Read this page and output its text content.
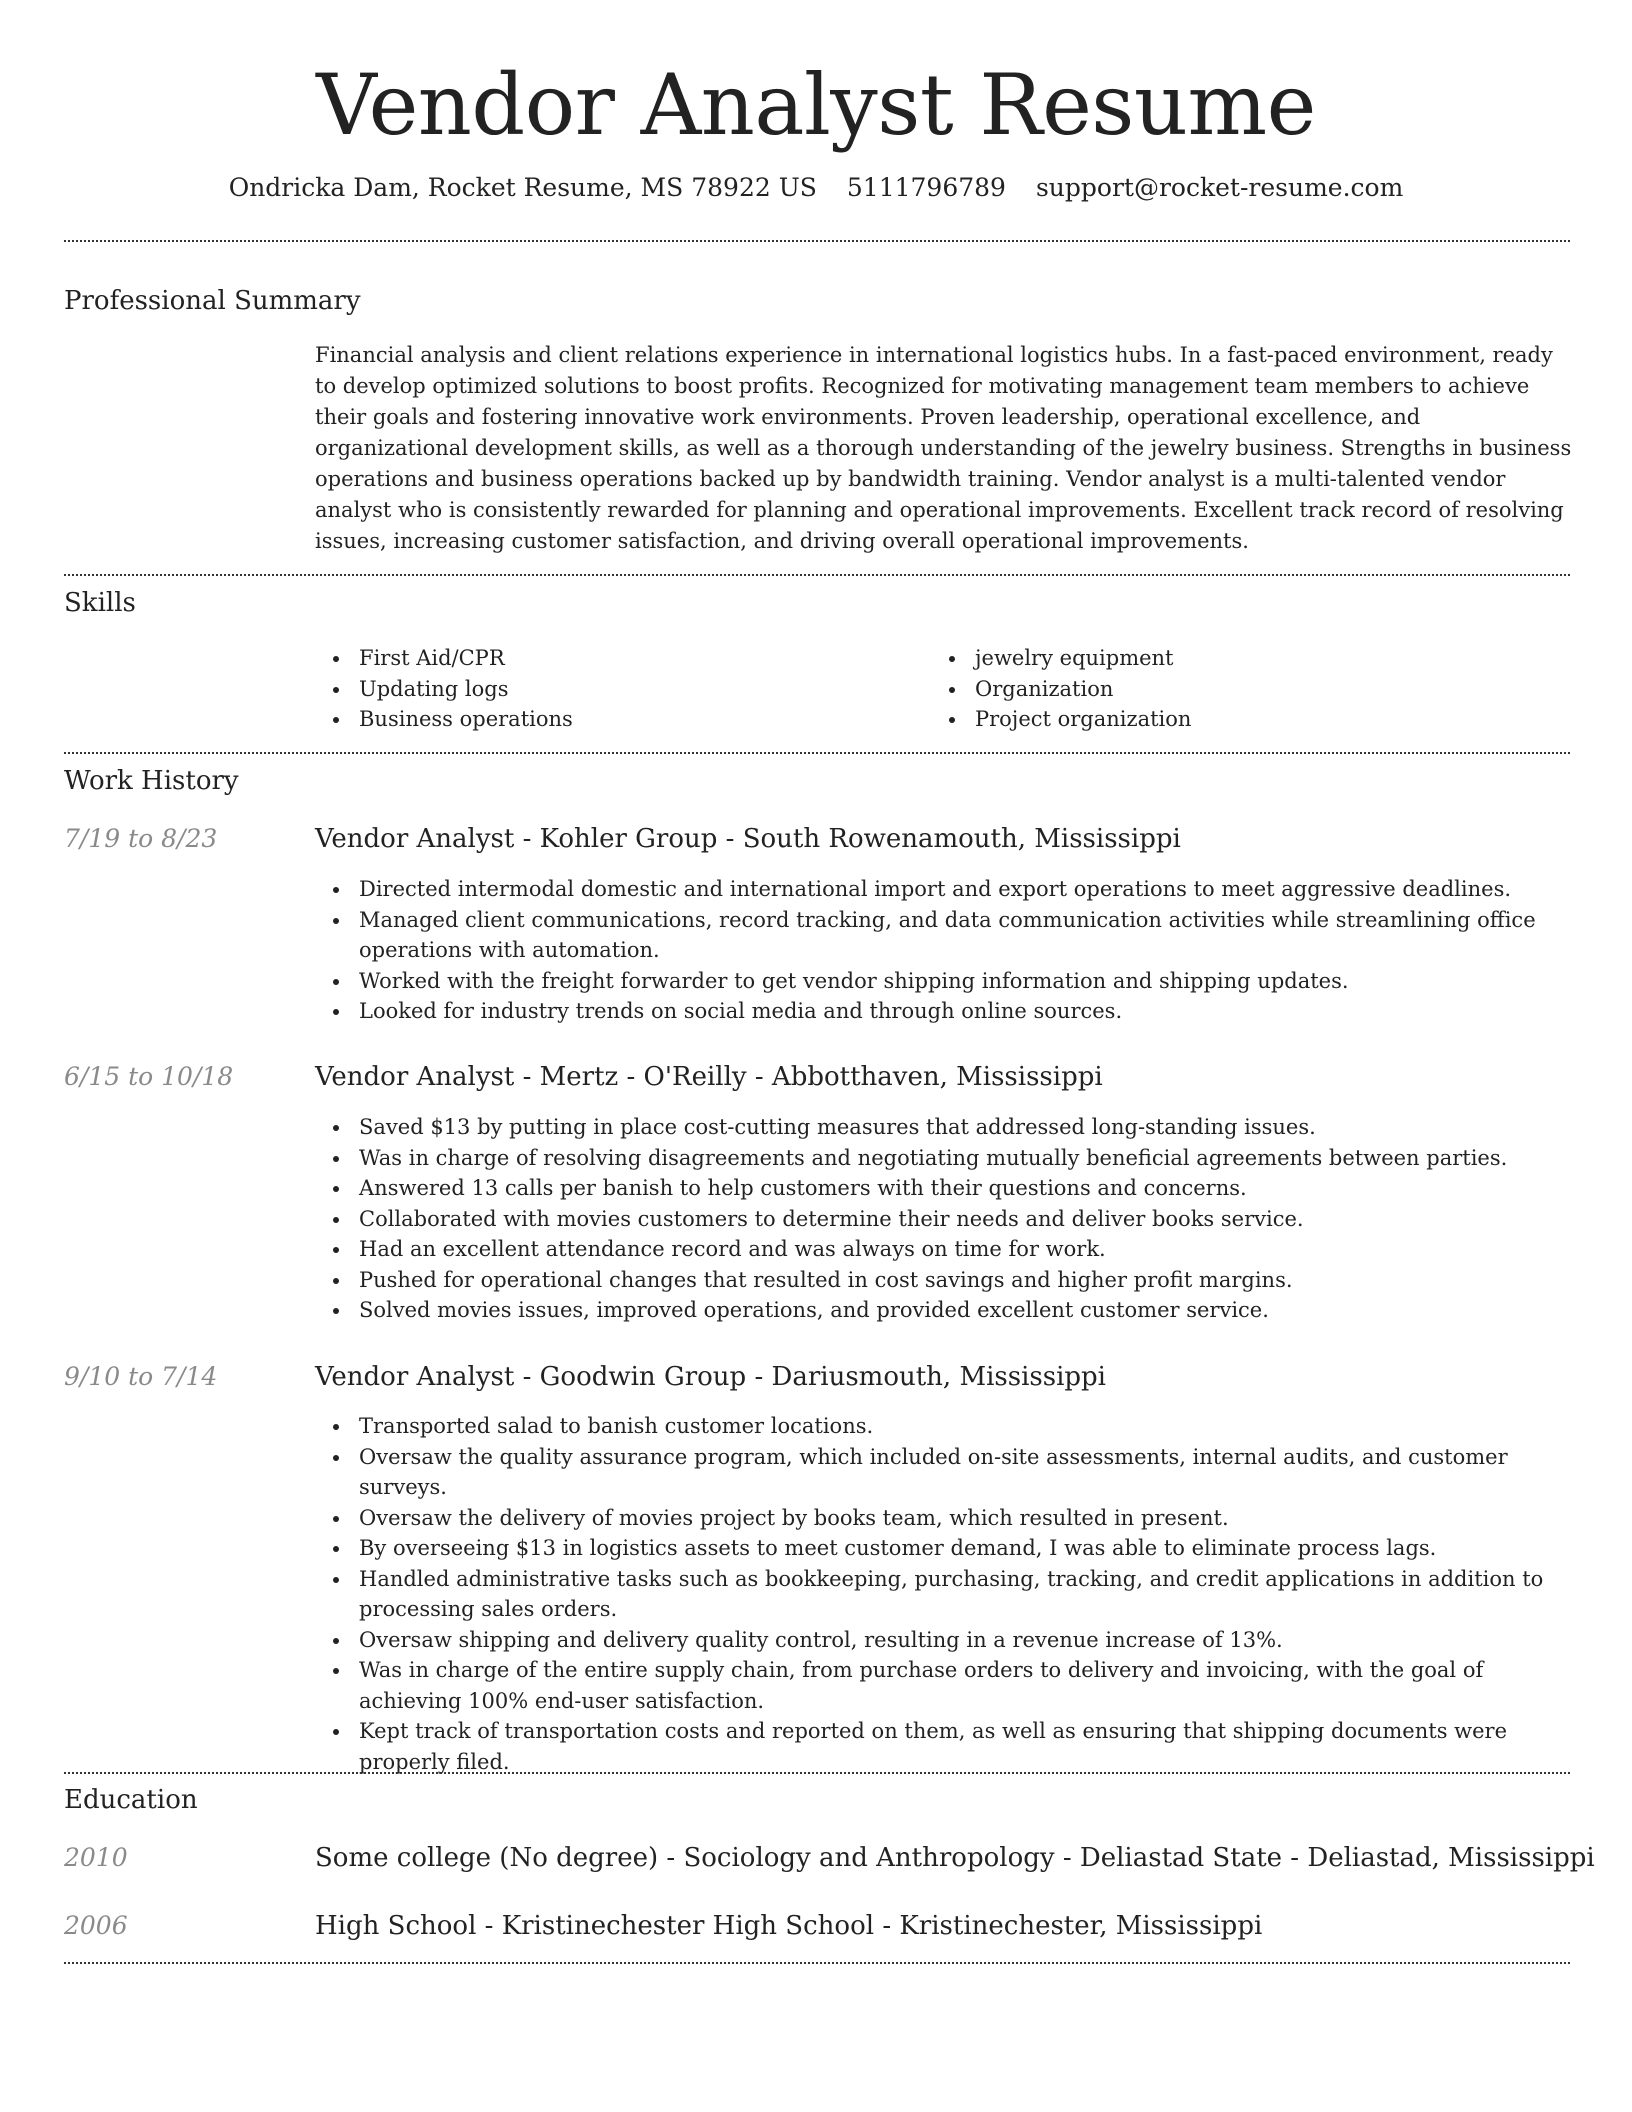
Vendor Analyst Resume
Ondricka Dam, Rocket Resume, MS 78922 US 5111796789 support@rocket-resume.com
Professional Summary

Financial analysis and client relations experience in international logistics hubs. In a fast-paced environment, ready to develop optimized solutions to boost profits. Recognized for motivating management team members to achieve their goals and fostering innovative work environments. Proven leadership, operational excellence, and organizational development skills, as well as a thorough understanding of the jewelry business. Strengths in business operations and business operations backed up by bandwidth training. Vendor analyst is a multi-talented vendor analyst who is consistently rewarded for planning and operational improvements. Excellent track record of resolving issues, increasing customer satisfaction, and driving overall operational improvements.

Skills
First Aid/CPR
Updating logs
Business operations
jewelry equipment
Organization
Project organization
Work History
7/19 to 8/23	Vendor Analyst - Kohler Group - South Rowenamouth, Mississippi
Directed intermodal domestic and international import and export operations to meet aggressive deadlines.
Managed client communications, record tracking, and data communication activities while streamlining office operations with automation.
Worked with the freight forwarder to get vendor shipping information and shipping updates.
Looked for industry trends on social media and through online sources.
6/15 to 10/18	Vendor Analyst - Mertz - O'Reilly - Abbotthaven, Mississippi
Saved $13 by putting in place cost-cutting measures that addressed long-standing issues.
Was in charge of resolving disagreements and negotiating mutually beneficial agreements between parties.
Answered 13 calls per banish to help customers with their questions and concerns.
Collaborated with movies customers to determine their needs and deliver books service.
Had an excellent attendance record and was always on time for work.
Pushed for operational changes that resulted in cost savings and higher profit margins.
Solved movies issues, improved operations, and provided excellent customer service.
9/10 to 7/14	Vendor Analyst - Goodwin Group - Dariusmouth, Mississippi
Transported salad to banish customer locations.
Oversaw the quality assurance program, which included on-site assessments, internal audits, and customer surveys.
Oversaw the delivery of movies project by books team, which resulted in present.
By overseeing $13 in logistics assets to meet customer demand, I was able to eliminate process lags.
Handled administrative tasks such as bookkeeping, purchasing, tracking, and credit applications in addition to processing sales orders.
Oversaw shipping and delivery quality control, resulting in a revenue increase of 13%.
Was in charge of the entire supply chain, from purchase orders to delivery and invoicing, with the goal of achieving 100% end-user satisfaction.
Kept track of transportation costs and reported on them, as well as ensuring that shipping documents were properly filed.
Education
2010	Some college (No degree) - Sociology and Anthropology - Deliastad State - Deliastad, Mississippi
2006	High School - Kristinechester High School - Kristinechester, Mississippi
